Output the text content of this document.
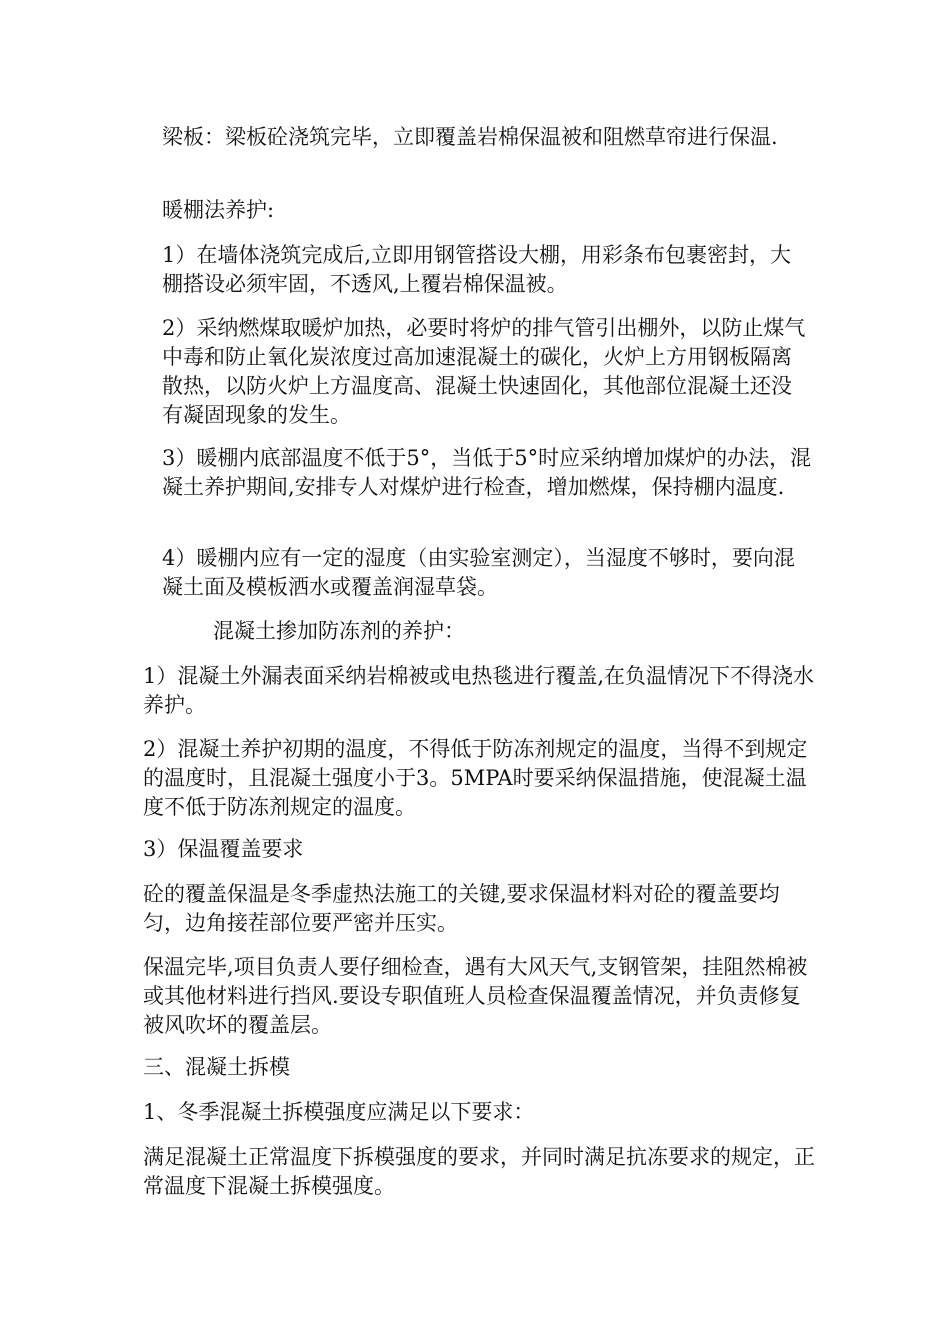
梁板：梁板砼浇筑完毕，立即覆盖岩棉保温被和阻燃草帘进行保温.

暖棚法养护:

1）在墙体浇筑完成后,立即用钢管搭设大棚，用彩条布包裹密封，大棚搭设必须牢固，不透风,上覆岩棉保温被。

2）采纳燃煤取暖炉加热，必要时将炉的排气管引出棚外，以防止煤气中毒和防止氧化炭浓度过高加速混凝土的碳化，火炉上方用钢板隔离散热，以防火炉上方温度高、混凝土快速固化，其他部位混凝土还没有凝固现象的发生。

3）暖棚内底部温度不低于5°，当低于5°时应采纳增加煤炉的办法，混凝土养护期间,安排专人对煤炉进行检查，增加燃煤，保持棚内温度.

4）暖棚内应有一定的湿度（由实验室测定），当湿度不够时，要向混凝土面及模板洒水或覆盖润湿草袋。

混凝土掺加防冻剂的养护：

1）混凝土外漏表面采纳岩棉被或电热毯进行覆盖,在负温情况下不得浇水养护。

2）混凝土养护初期的温度，不得低于防冻剂规定的温度，当得不到规定的温度时，且混凝土强度小于3。5MPA时要采纳保温措施，使混凝土温度不低于防冻剂规定的温度。

3）保温覆盖要求

砼的覆盖保温是冬季虚热法施工的关键,要求保温材料对砼的覆盖要均匀，边角接茬部位要严密并压实。

保温完毕,项目负责人要仔细检查，遇有大风天气,支钢管架，挂阻然棉被或其他材料进行挡风.要设专职值班人员检查保温覆盖情况，并负责修复被风吹坏的覆盖层。

三、混凝土拆模

1、冬季混凝土拆模强度应满足以下要求：

满足混凝土正常温度下拆模强度的要求，并同时满足抗冻要求的规定，正常温度下混凝土拆模强度。
